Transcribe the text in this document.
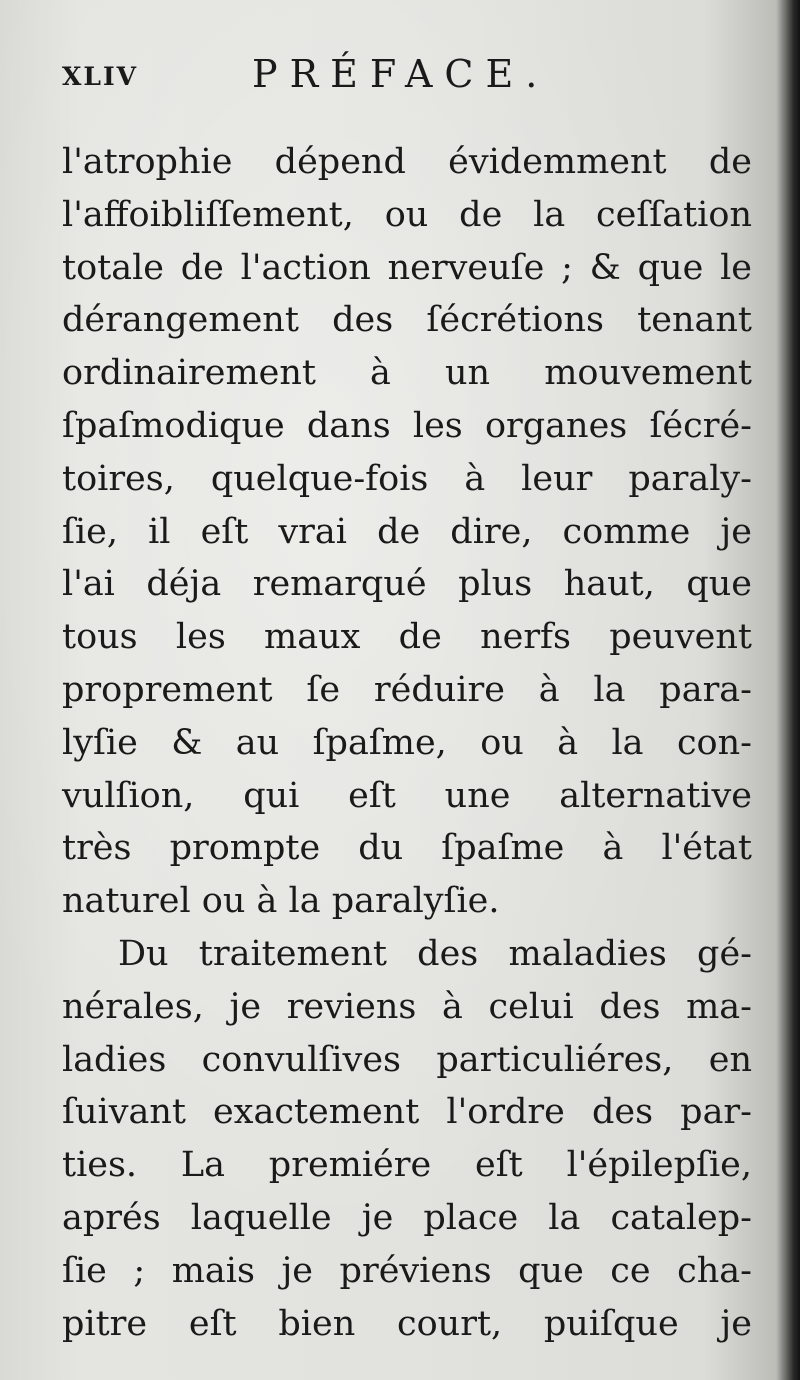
XLIV	PRÉFACE.
l'atrophie dépend évidemment de
l'affoibliſſement, ou de la ceſſation
totale de l'action nerveuſe ; & que le
dérangement des ſécrétions tenant
ordinairement à un mouvement
ſpaſmodique dans les organes ſécré-
toires, quelque-fois à leur paraly-
ſie, il eſt vrai de dire, comme je
l'ai déja remarqué plus haut, que
tous les maux de nerfs peuvent
proprement ſe réduire à la para-
lyſie & au ſpaſme, ou à la con-
vulſion, qui eſt une alternative
très prompte du ſpaſme à l'état
naturel ou à la paralyſie.
Du traitement des maladies gé-
nérales, je reviens à celui des ma-
ladies convulſives particuliéres, en
ſuivant exactement l'ordre des par-
ties. La premiére eſt l'épilepſie,
aprés laquelle je place la catalep-
ſie ; mais je préviens que ce cha-
pitre eſt bien court, puiſque je
